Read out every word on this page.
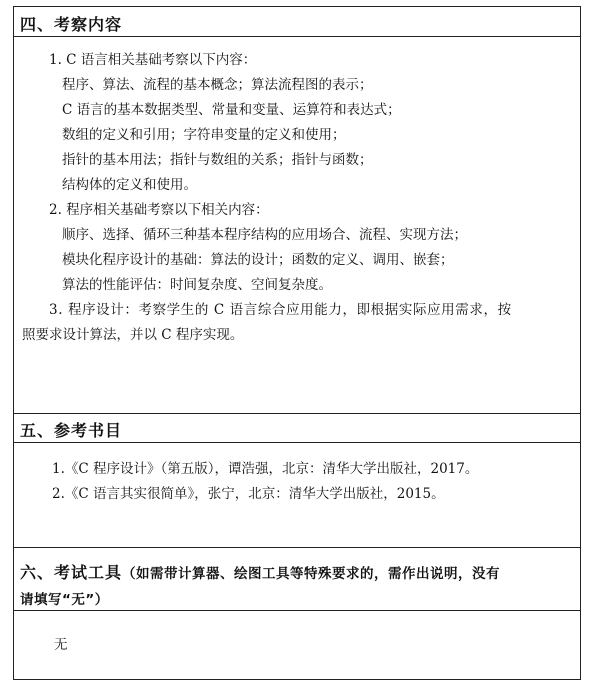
四、考察内容
1. C 语言相关基础考察以下内容：
程序、算法、流程的基本概念；算法流程图的表示；
C 语言的基本数据类型、常量和变量、运算符和表达式；
数组的定义和引用；字符串变量的定义和使用；
指针的基本用法；指针与数组的关系；指针与函数；
结构体的定义和使用。
2. 程序相关基础考察以下相关内容：
顺序、选择、循环三种基本程序结构的应用场合、流程、实现方法；
模块化程序设计的基础：算法的设计；函数的定义、调用、嵌套；
算法的性能评估：时间复杂度、空间复杂度。
3. 程序设计：考察学生的 C 语言综合应用能力，即根据实际应用需求，按
照要求设计算法，并以 C 程序实现。
五、参考书目
1.《C 程序设计》（第五版），谭浩强，北京：清华大学出版社，2017。
2.《C 语言其实很简单》，张宁，北京：清华大学出版社，2015。
六、考试工具（如需带计算器、绘图工具等特殊要求的，需作出说明，没有
请填写“无”）
无
